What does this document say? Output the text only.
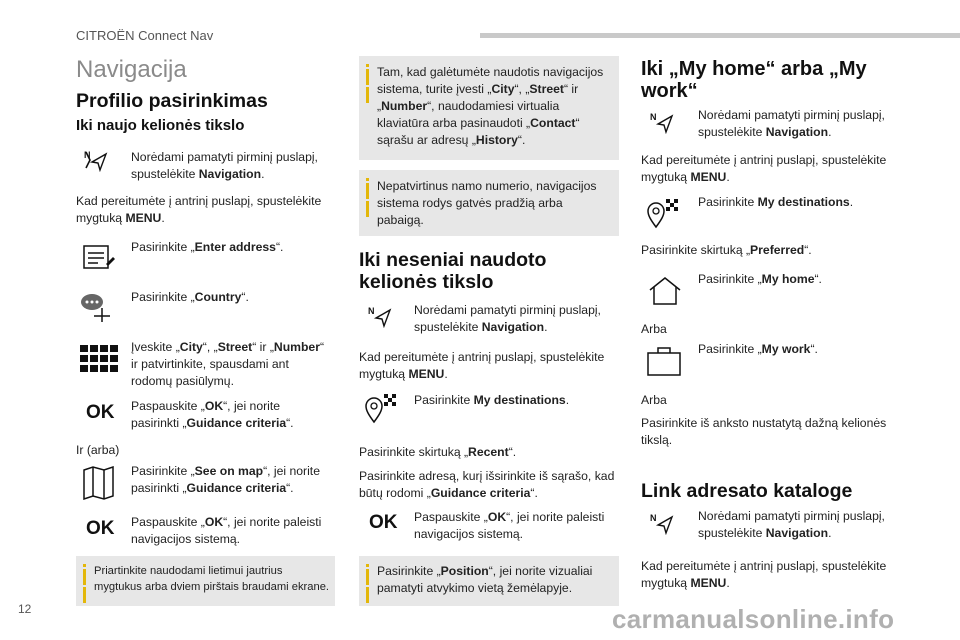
CITROËN Connect Nav
Navigacija
Profilio pasirinkimas
Iki naujo kelionės tikslo
N	Norėdami pamatyti pirminį puslapį, spustelėkite Navigation.
Kad pereitumėte į antrinį puslapį, spustelėkite mygtuką MENU.
Pasirinkite „Enter address“.
Pasirinkite „Country“.
Įveskite „City“, „Street“ ir „Number“ ir patvirtinkite, spausdami ant rodomų pasiūlymų.
OK Paspauskite „OK“, jei norite pasirinkti „Guidance criteria“.
Ir (arba)
Pasirinkite „See on map“, jei norite pasirinkti „Guidance criteria“.
OK Paspauskite „OK“, jei norite paleisti navigacijos sistemą.
Priartinkite naudodami lietimui jautrius mygtukus arba dviem pirštais braudami ekrane.
Tam, kad galėtumėte naudotis navigacijos sistema, turite įvesti „City“, „Street“ ir „Number“, naudodamiesi virtualia klaviatūra arba pasinaudoti „Contact“ sąrašu ar adresų „History“.
Nepatvirtinus namo numerio, navigacijos sistema rodys gatvės pradžią arba pabaigą.
Iki neseniai naudoto kelionės tikslo
N	Norėdami pamatyti pirminį puslapį, spustelėkite Navigation.
Kad pereitumėte į antrinį puslapį, spustelėkite mygtuką MENU.
Pasirinkite My destinations.
Pasirinkite skirtuką „Recent“.
Pasirinkite adresą, kurį išsirinkite iš sąrašo, kad būtų rodomi „Guidance criteria“.
OK Paspauskite „OK“, jei norite paleisti navigacijos sistemą.
Pasirinkite „Position“, jei norite vizualiai pamatyti atvykimo vietą žemėlapyje.
Iki „My home“ arba „My work“
N	Norėdami pamatyti pirminį puslapį, spustelėkite Navigation.
Kad pereitumėte į antrinį puslapį, spustelėkite mygtuką MENU.
Pasirinkite My destinations.
Pasirinkite skirtuką „Preferred“.
Pasirinkite „My home“.
Arba
Pasirinkite „My work“.
Arba
Pasirinkite iš anksto nustatytą dažną kelionės tikslą.
Link adresato kataloge
N	Norėdami pamatyti pirminį puslapį, spustelėkite Navigation.
Kad pereitumėte į antrinį puslapį, spustelėkite mygtuką MENU.
12	carmanualsonline.info
